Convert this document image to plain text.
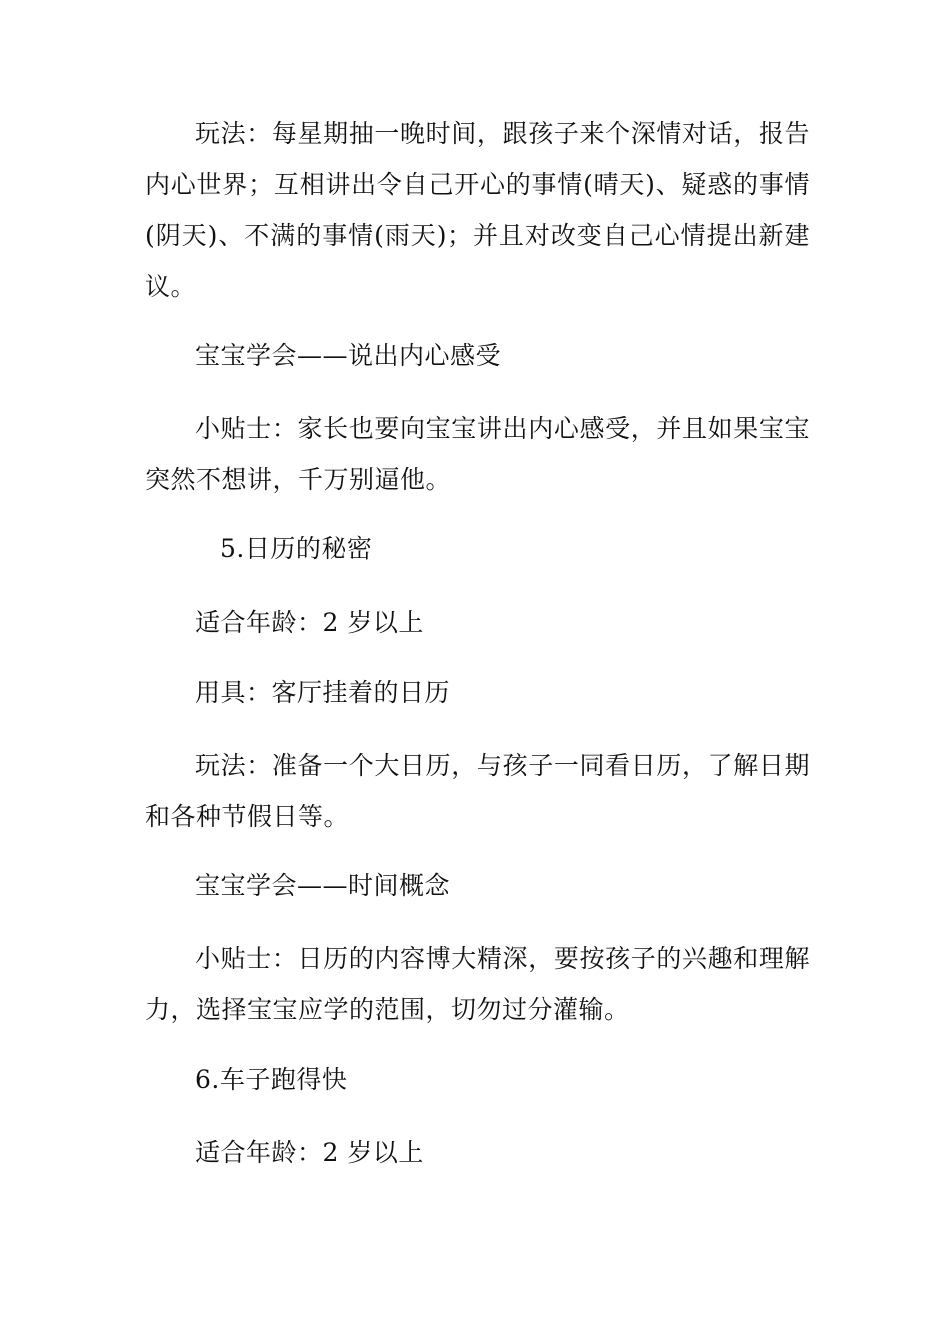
玩法：每星期抽一晚时间，跟孩子来个深情对话，报告内心世界；互相讲出令自己开心的事情(晴天)、疑惑的事情(阴天)、不满的事情(雨天)；并且对改变自己心情提出新建议。

宝宝学会——说出内心感受

小贴士：家长也要向宝宝讲出内心感受，并且如果宝宝突然不想讲，千万别逼他。

5.日历的秘密

适合年龄：2 岁以上

用具：客厅挂着的日历

玩法：准备一个大日历，与孩子一同看日历，了解日期和各种节假日等。

宝宝学会——时间概念

小贴士：日历的内容博大精深，要按孩子的兴趣和理解力，选择宝宝应学的范围，切勿过分灌输。

6.车子跑得快

适合年龄：2 岁以上
